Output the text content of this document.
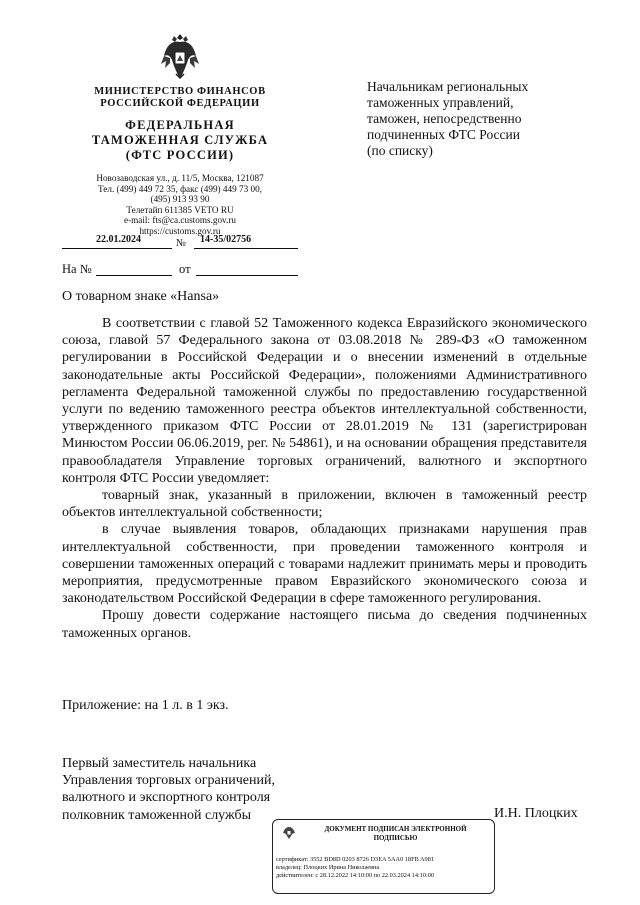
МИНИСТЕРСТВО ФИНАНСОВ
РОССИЙСКОЙ ФЕДЕРАЦИИ
ФЕДЕРАЛЬНАЯ
ТАМОЖЕННАЯ СЛУЖБА
(ФТС РОССИИ)
Новозаводская ул., д. 11/5, Москва, 121087
Тел. (499) 449 72 35, факс (499) 449 73 00,
(495) 913 93 90
Телетайп 611385 VETO RU
e-mail: fts@ca.customs.gov.ru
https://customs.gov.ru
22.01.2024	№ 14-35/02756
На №	от
Начальникам региональных
таможенных управлений,
таможен, непосредственно
подчиненных ФТС России
(по списку)
О товарном знаке «Hansa»

В соответствии с главой 52 Таможенного кодекса Евразийского экономического союза, главой 57 Федерального закона от 03.08.2018 № 289-ФЗ «О таможенном регулировании в Российской Федерации и о внесении изменений в отдельные законодательные акты Российской Федерации», положениями Административного регламента Федеральной таможенной службы по предоставлению государственной услуги по ведению таможенного реестра объектов интеллектуальной собственности, утвержденного приказом ФТС России от 28.01.2019 № 131 (зарегистрирован Минюстом России 06.06.2019, рег. № 54861), и на основании обращения представителя правообладателя Управление торговых ограничений, валютного и экспортного контроля ФТС России уведомляет:

товарный знак, указанный в приложении, включен в таможенный реестр объектов интеллектуальной собственности;

в случае выявления товаров, обладающих признаками нарушения прав интеллектуальной собственности, при проведении таможенного контроля и совершении таможенных операций с товарами надлежит принимать меры и проводить мероприятия, предусмотренные правом Евразийского экономического союза и законодательством Российской Федерации в сфере таможенного регулирования.

Прошу довести содержание настоящего письма до сведения подчиненных таможенных органов.

Приложение: на 1 л. в 1 экз.
Первый заместитель начальника
Управления торговых ограничений,
валютного и экспортного контроля
полковник таможенной службы	И.Н. Плоцких
ДОКУМЕНТ ПОДПИСАН ЭЛЕКТРОННОЙ ПОДПИСЬЮ
сертификат: 3552 BD8D 0203 8726 D3EA 5AA0 18FB A981
владелец: Плоцких Ирина Николаевна
действителен: с 28.12.2022 14:10:00 по 22.03.2024 14:10:00
